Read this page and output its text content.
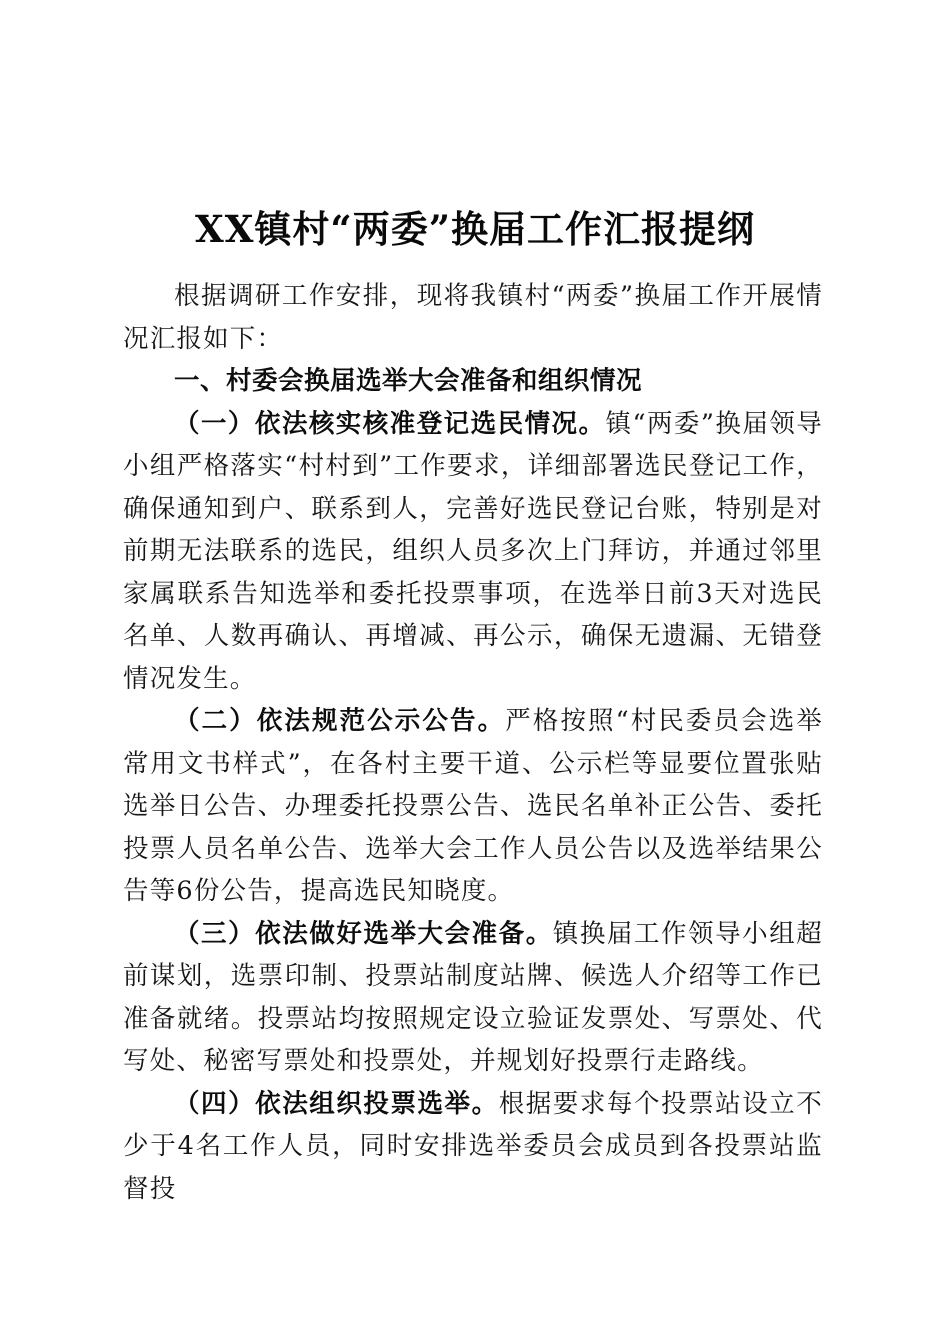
XX镇村“两委”换届工作汇报提纲

根据调研工作安排，现将我镇村“两委”换届工作开展情况汇报如下：

一、村委会换届选举大会准备和组织情况

（一）依法核实核准登记选民情况。镇“两委”换届领导小组严格落实“村村到”工作要求，详细部署选民登记工作，确保通知到户、联系到人，完善好选民登记台账，特别是对前期无法联系的选民，组织人员多次上门拜访，并通过邻里家属联系告知选举和委托投票事项，在选举日前3天对选民名单、人数再确认、再增减、再公示，确保无遗漏、无错登情况发生。

（二）依法规范公示公告。严格按照“村民委员会选举常用文书样式”，在各村主要干道、公示栏等显要位置张贴选举日公告、办理委托投票公告、选民名单补正公告、委托投票人员名单公告、选举大会工作人员公告以及选举结果公告等6份公告，提高选民知晓度。

（三）依法做好选举大会准备。镇换届工作领导小组超前谋划，选票印制、投票站制度站牌、候选人介绍等工作已准备就绪。投票站均按照规定设立验证发票处、写票处、代写处、秘密写票处和投票处，并规划好投票行走路线。

（四）依法组织投票选举。根据要求每个投票站设立不少于4名工作人员，同时安排选举委员会成员到各投票站监督投
